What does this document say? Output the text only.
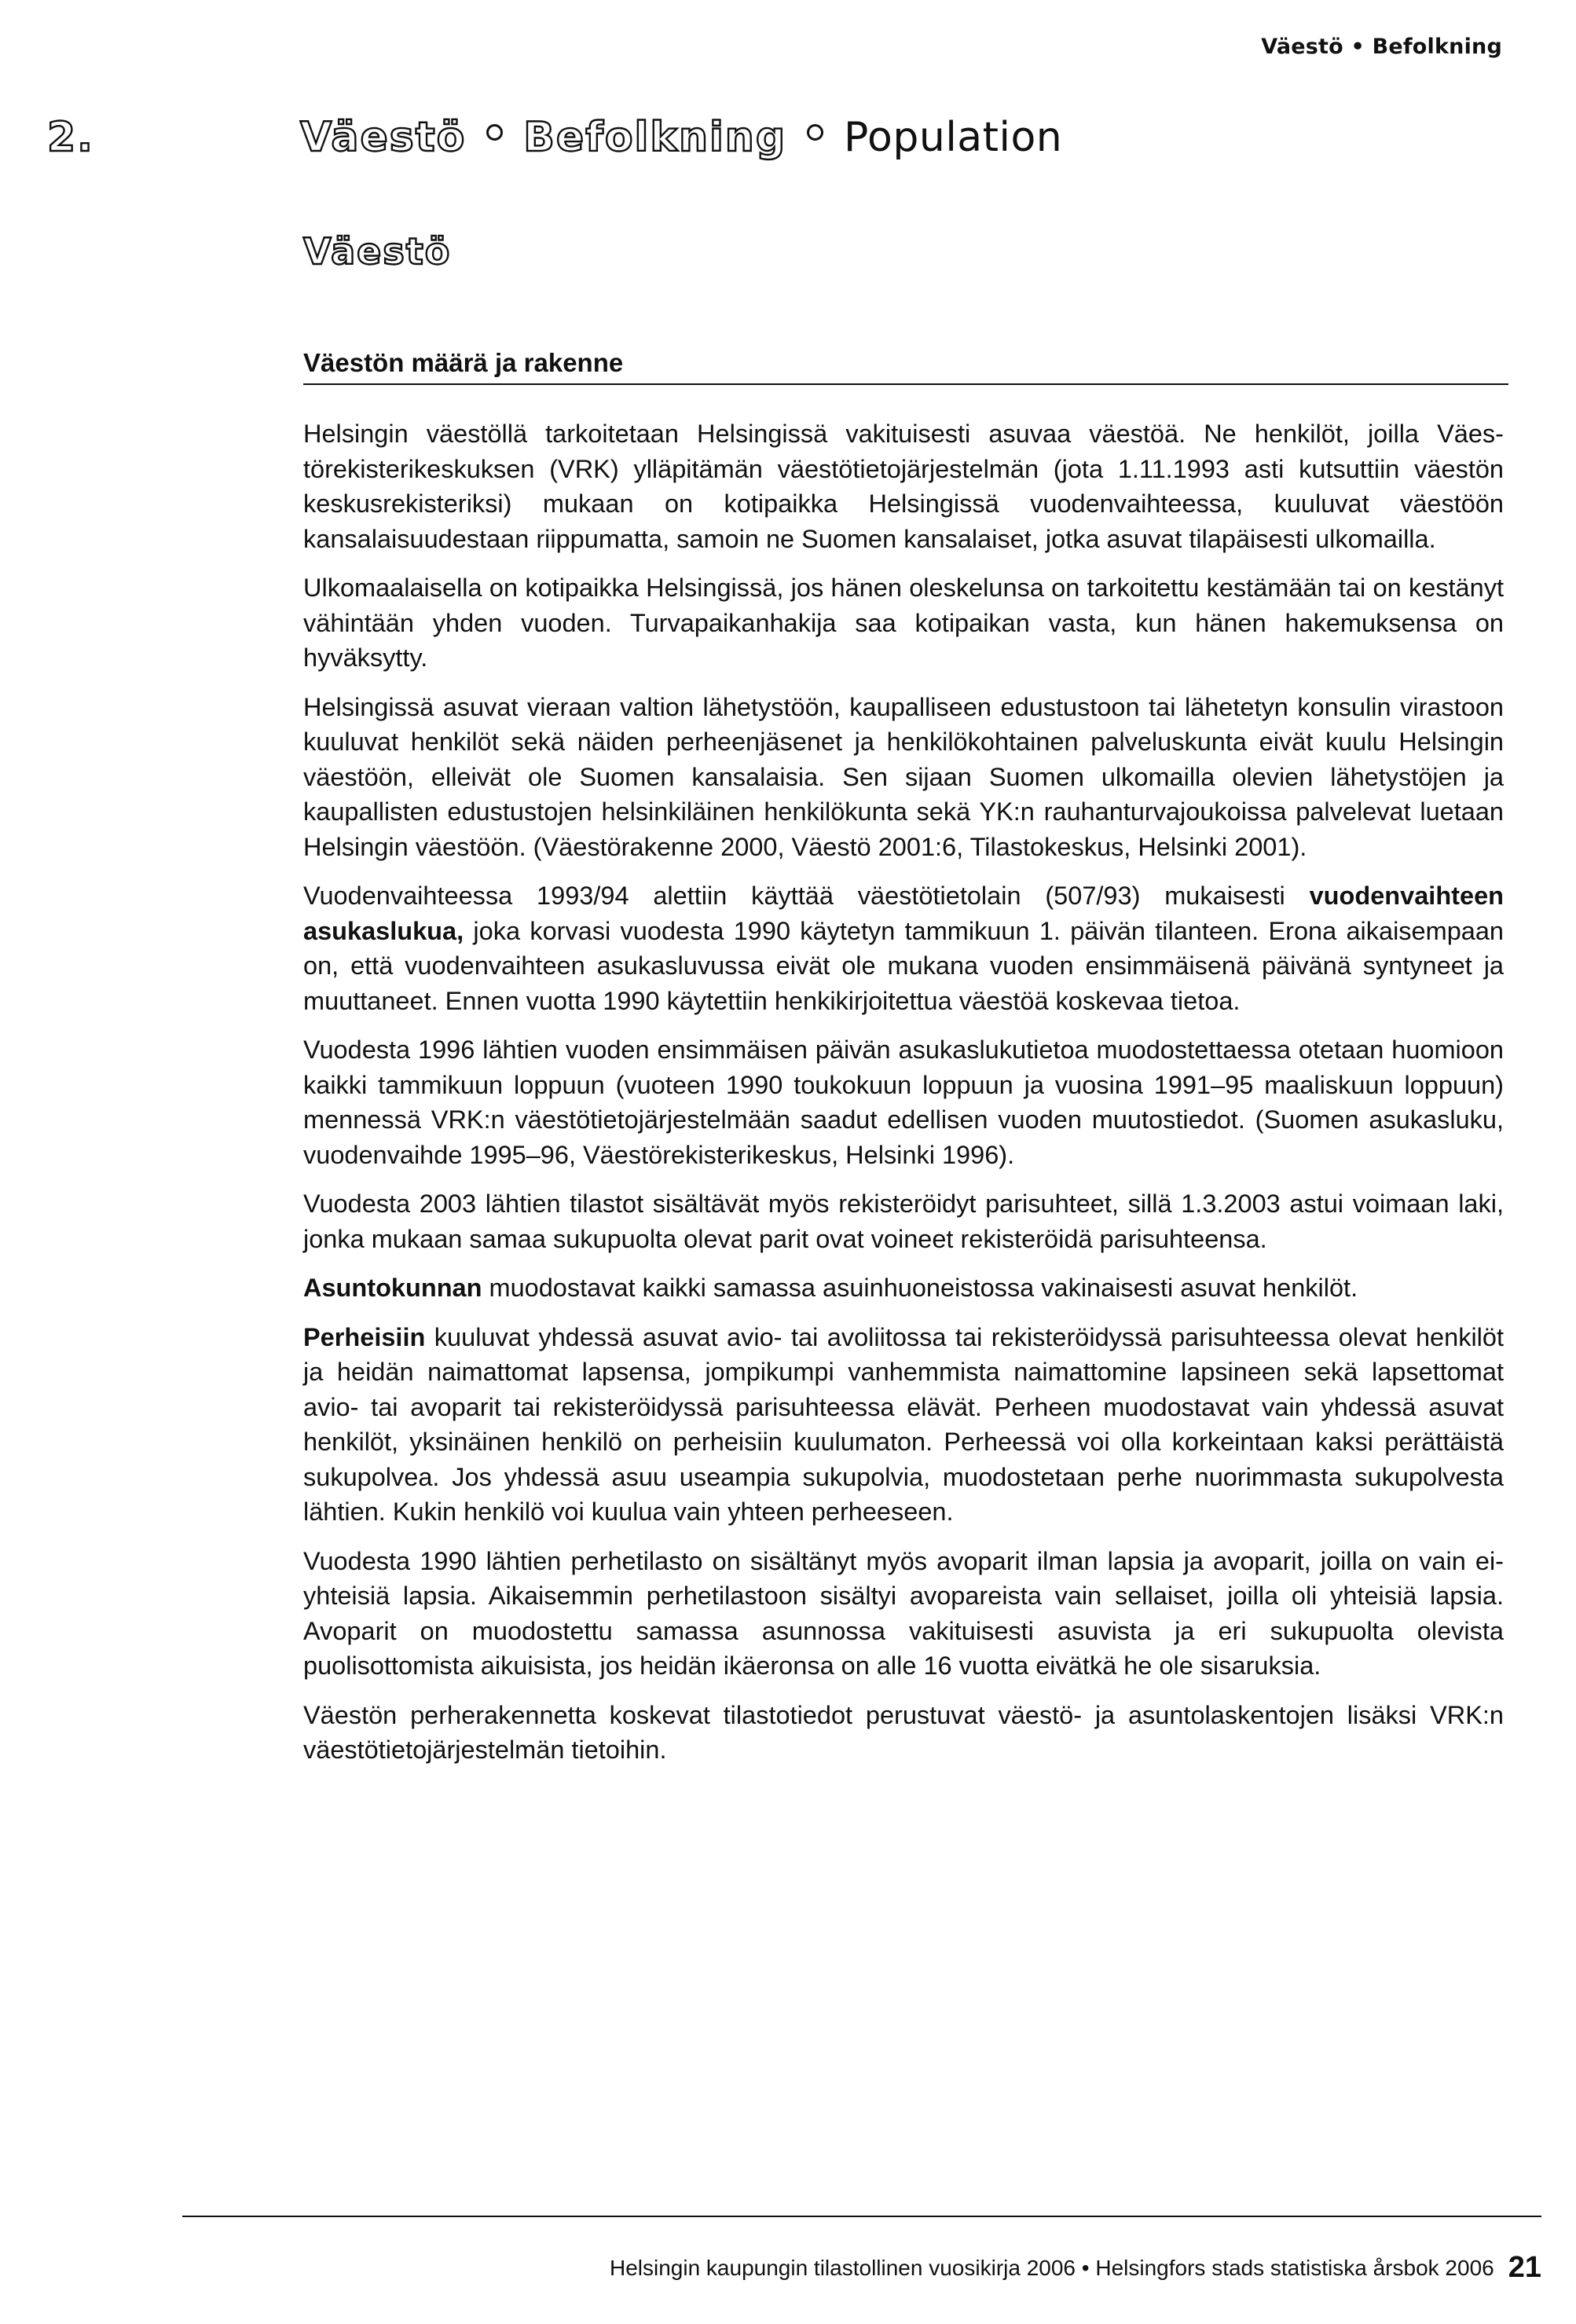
Väestö • Befolkning
2.	Väestö Befolkning Population
Väestö
Väestön määrä ja rakenne

Helsingin väestöllä tarkoitetaan Helsingissä vakituisesti asuvaa väestöä. Ne henkilöt, joilla Väestörekisterikeskuksen (VRK) ylläpitämän väestötietojärjestelmän (jota 1.11.1993 asti kutsuttiin väestön keskusrekisteriksi) mukaan on kotipaikka Helsingissä vuodenvaihteessa, kuuluvat väestöön kansalaisuudestaan riippumatta, samoin ne Suomen kansalaiset, jotka asuvat tilapäisesti ulkomailla.

Ulkomaalaisella on kotipaikka Helsingissä, jos hänen oleskelunsa on tarkoitettu kestämään tai on kestänyt vähintään yhden vuoden. Turvapaikanhakija saa kotipaikan vasta, kun hänen hakemuksensa on hyväksytty.

Helsingissä asuvat vieraan valtion lähetystöön, kaupalliseen edustustoon tai lähetetyn konsulin virastoon kuuluvat henkilöt sekä näiden perheenjäsenet ja henkilökohtainen palveluskunta eivät kuulu Helsingin väestöön, elleivät ole Suomen kansalaisia. Sen sijaan Suomen ulkomailla olevien lähetystöjen ja kaupallisten edustustojen helsinkiläinen henkilökunta sekä YK:n rauhanturvajoukoissa palvelevat luetaan Helsingin väestöön. (Väestörakenne 2000, Väestö 2001:6, Tilastokeskus, Helsinki 2001).

Vuodenvaihteessa 1993/94 alettiin käyttää väestötietolain (507/93) mukaisesti vuodenvaihteen asukaslukua, joka korvasi vuodesta 1990 käytetyn tammikuun 1. päivän tilanteen. Erona aikaisempaan on, että vuodenvaihteen asukasluvussa eivät ole mukana vuoden ensimmäisenä päivänä syntyneet ja muuttaneet. Ennen vuotta 1990 käytettiin henkikirjoitettua väestöä koskevaa tietoa.

Vuodesta 1996 lähtien vuoden ensimmäisen päivän asukaslukutietoa muodostettaessa otetaan huomioon kaikki tammikuun loppuun (vuoteen 1990 toukokuun loppuun ja vuosina 1991–95 maaliskuun loppuun) mennessä VRK:n väestötietojärjestelmään saadut edellisen vuoden muutostiedot. (Suomen asukasluku, vuodenvaihde 1995–96, Väestörekisterikeskus, Helsinki 1996).

Vuodesta 2003 lähtien tilastot sisältävät myös rekisteröidyt parisuhteet, sillä 1.3.2003 astui voimaan laki, jonka mukaan samaa sukupuolta olevat parit ovat voineet rekisteröidä parisuhteensa.

Asuntokunnan muodostavat kaikki samassa asuinhuoneistossa vakinaisesti asuvat henkilöt.

Perheisiin kuuluvat yhdessä asuvat avio- tai avoliitossa tai rekisteröidyssä parisuhteessa olevat henkilöt ja heidän naimattomat lapsensa, jompikumpi vanhemmista naimattomine lapsineen sekä lapsettomat avio- tai avoparit tai rekisteröidyssä parisuhteessa elävät. Perheen muodostavat vain yhdessä asuvat henkilöt, yksinäinen henkilö on perheisiin kuulumaton. Perheessä voi olla korkeintaan kaksi perättäistä sukupolvea. Jos yhdessä asuu useampia sukupolvia, muodostetaan perhe nuorimmasta sukupolvesta lähtien. Kukin henkilö voi kuulua vain yhteen perheeseen.

Vuodesta 1990 lähtien perhetilasto on sisältänyt myös avoparit ilman lapsia ja avoparit, joilla on vain ei-yhteisiä lapsia. Aikaisemmin perhetilastoon sisältyi avopareista vain sellaiset, joilla oli yhteisiä lapsia. Avoparit on muodostettu samassa asunnossa vakituisesti asuvista ja eri sukupuolta olevista puolisottomista aikuisista, jos heidän ikäeronsa on alle 16 vuotta eivätkä he ole sisaruksia.

Väestön perherakennetta koskevat tilastotiedot perustuvat väestö- ja asuntolaskentojen lisäksi VRK:n väestötietojärjestelmän tietoihin.

Helsingin kaupungin tilastollinen vuosikirja 2006 • Helsingfors stads statistiska årsbok 2006 21
